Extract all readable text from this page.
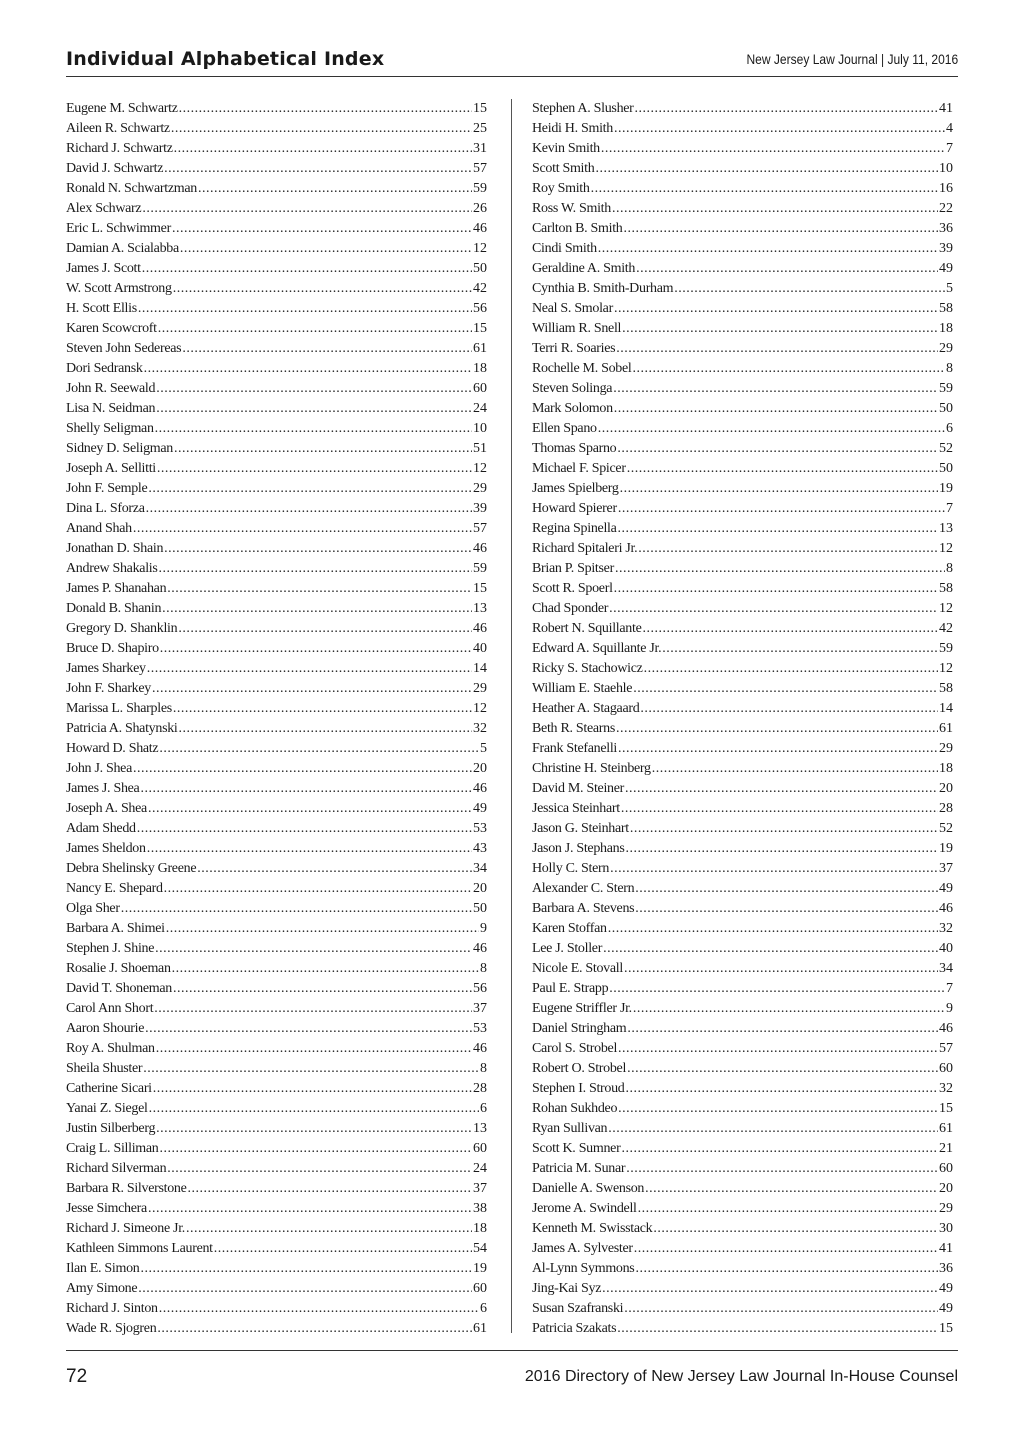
Individual Alphabetical Index	New Jersey Law Journal | July 11, 2016
Eugene M. Schwartz .....	15
Aileen R. Schwartz .....	25
Richard J. Schwartz .....	31
David J. Schwartz .....	57
Ronald N. Schwartzman .....	59
Alex Schwarz .....	26
Eric L. Schwimmer .....	46
Damian A. Scialabba .....	12
James J. Scott .....	50
W. Scott Armstrong .....	42
H. Scott Ellis .....	56
Karen Scowcroft .....	15
Steven John Sedereas .....	61
Dori Sedransk .....	18
John R. Seewald .....	60
Lisa N. Seidman .....	24
Shelly Seligman .....	10
Sidney D. Seligman .....	51
Joseph A. Sellitti .....	12
John F. Semple .....	29
Dina L. Sforza .....	39
Anand Shah .....	57
Jonathan D. Shain .....	46
Andrew Shakalis .....	59
James P. Shanahan .....	15
Donald B. Shanin .....	13
Gregory D. Shanklin .....	46
Bruce D. Shapiro .....	40
James Sharkey .....	14
John F. Sharkey .....	29
Marissa L. Sharples .....	12
Patricia A. Shatynski .....	32
Howard D. Shatz .....	5
John J. Shea .....	20
James J. Shea .....	46
Joseph A. Shea .....	49
Adam Shedd .....	53
James Sheldon .....	43
Debra Shelinsky Greene .....	34
Nancy E. Shepard .....	20
Olga Sher .....	50
Barbara A. Shimei .....	9
Stephen J. Shine .....	46
Rosalie J. Shoeman .....	8
David T. Shoneman .....	56
Carol Ann Short .....	37
Aaron Shourie .....	53
Roy A. Shulman .....	46
Sheila Shuster .....	8
Catherine Sicari .....	28
Yanai Z. Siegel .....	6
Justin Silberberg .....	13
Craig L. Silliman .....	60
Richard Silverman .....	24
Barbara R. Silverstone .....	37
Jesse Simchera .....	38
Richard J. Simeone Jr. .....	18
Kathleen Simmons Laurent .....	54
Ilan E. Simon .....	19
Amy Simone .....	60
Richard J. Sinton .....	6
Wade R. Sjogren .....	61
Stephen A. Slusher .....	41
Heidi H. Smith .....	4
Kevin Smith .....	7
Scott Smith .....	10
Roy Smith .....	16
Ross W. Smith .....	22
Carlton B. Smith .....	36
Cindi Smith .....	39
Geraldine A. Smith .....	49
Cynthia B. Smith-Durham .....	5
Neal S. Smolar .....	58
William R. Snell .....	18
Terri R. Soaries .....	29
Rochelle M. Sobel .....	8
Steven Solinga .....	59
Mark Solomon .....	50
Ellen Spano .....	6
Thomas Sparno .....	52
Michael F. Spicer .....	50
James Spielberg .....	19
Howard Spierer .....	7
Regina Spinella .....	13
Richard Spitaleri Jr. .....	12
Brian P. Spitser .....	8
Scott R. Spoerl .....	58
Chad Sponder .....	12
Robert N. Squillante .....	42
Edward A. Squillante Jr. .....	59
Ricky S. Stachowicz .....	12
William E. Staehle .....	58
Heather A. Stagaard .....	14
Beth R. Stearns .....	61
Frank Stefanelli .....	29
Christine H. Steinberg .....	18
David M. Steiner .....	20
Jessica Steinhart .....	28
Jason G. Steinhart .....	52
Jason J. Stephans .....	19
Holly C. Stern .....	37
Alexander C. Stern .....	49
Barbara A. Stevens .....	46
Karen Stoffan .....	32
Lee J. Stoller .....	40
Nicole E. Stovall .....	34
Paul E. Strapp .....	7
Eugene Striffler Jr. .....	9
Daniel Stringham .....	46
Carol S. Strobel .....	57
Robert O. Strobel .....	60
Stephen I. Stroud .....	32
Rohan Sukhdeo .....	15
Ryan Sullivan .....	61
Scott K. Sumner .....	21
Patricia M. Sunar .....	60
Danielle A. Swenson .....	20
Jerome A. Swindell .....	29
Kenneth M. Swisstack .....	30
James A. Sylvester .....	41
Al-Lynn Symmons .....	36
Jing-Kai Syz .....	49
Susan Szafranski .....	49
Patricia Szakats .....	15
72	2016 Directory of New Jersey Law Journal In-House Counsel
